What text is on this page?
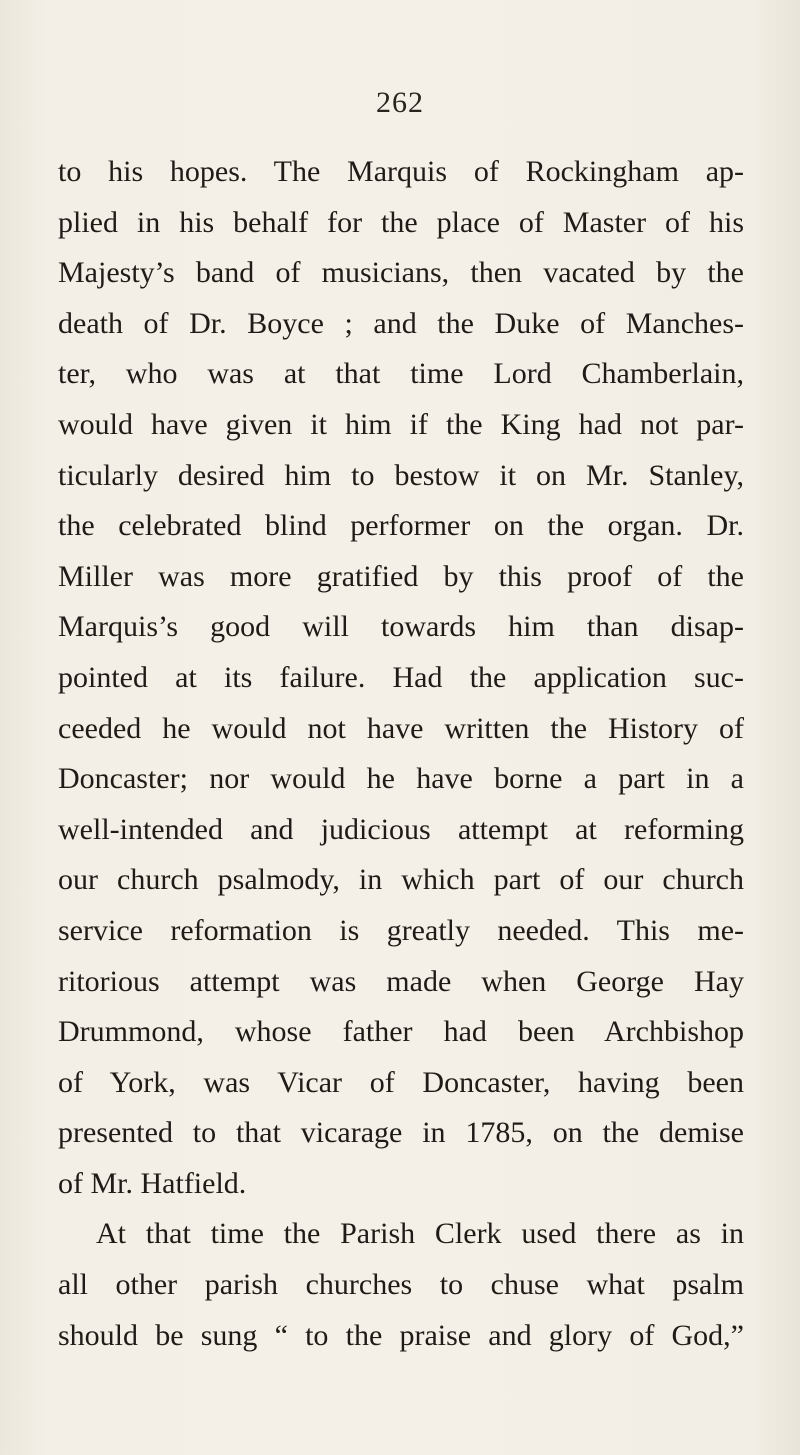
262
to his hopes. The Marquis of Rockingham ap-
plied in his behalf for the place of Master of his
Majesty’s band of musicians, then vacated by the
death of Dr. Boyce ; and the Duke of Manches-
ter, who was at that time Lord Chamberlain,
would have given it him if the King had not par-
ticularly desired him to bestow it on Mr. Stanley,
the celebrated blind performer on the organ. Dr.
Miller was more gratified by this proof of the
Marquis’s good will towards him than disap-
pointed at its failure. Had the application suc-
ceeded he would not have written the History of
Doncaster; nor would he have borne a part in a
well-intended and judicious attempt at reforming
our church psalmody, in which part of our church
service reformation is greatly needed. This me-
ritorious attempt was made when George Hay
Drummond, whose father had been Archbishop
of York, was Vicar of Doncaster, having been
presented to that vicarage in 1785, on the demise
of Mr. Hatfield.
At that time the Parish Clerk used there as in
all other parish churches to chuse what psalm
should be sung “ to the praise and glory of God,”
